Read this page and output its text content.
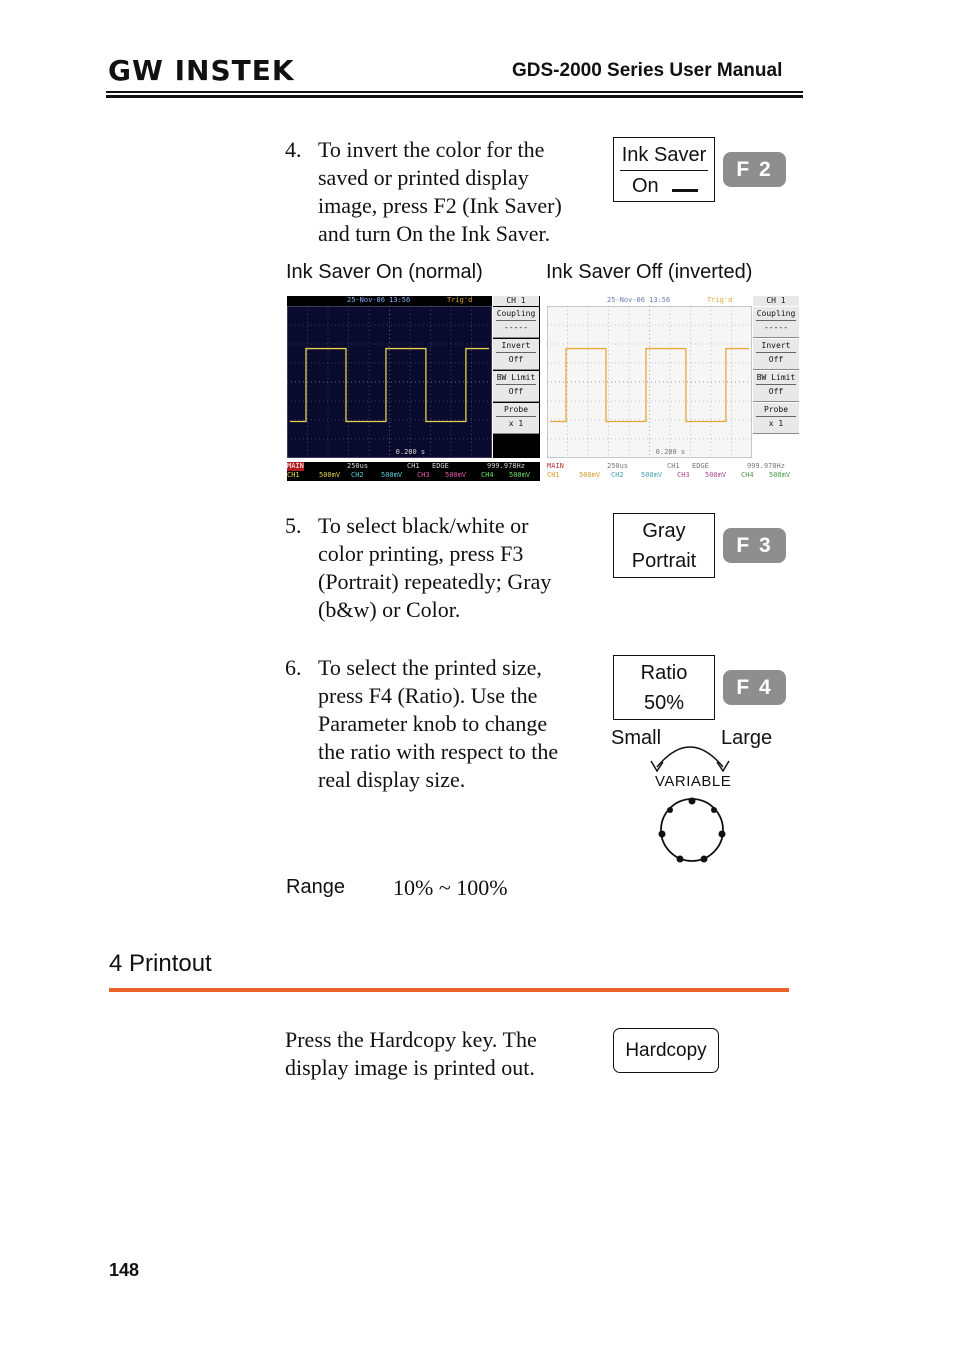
GW INSTEK	GDS-2000 Series User Manual
4. To invert the color for the
saved or printed display
image, press F2 (Ink Saver)
and turn On the Ink Saver.
Ink Saver
On
F 2
Ink Saver On (normal)	Ink Saver Off (inverted)
25-Nov-06 13:56	Trig'd
0.200 s
CH 1
Coupling
-----
Invert
Off
BW Limit
Off
Probe
x 1
MAIN	250us	CH1 EDGE	999.978Hz
CH1	500mV CH2 500mV CH3 500mV CH4 500mV
25-Nov-06 13:56	Trig'd
0.200 s
CH 1
Coupling
-----
Invert
Off
BW Limit
Off
Probe
x 1
MAIN	250us	CH1 EDGE	999.978Hz
CH1	500mV CH2 500mV CH3 500mV CH4 500mV
5. To select black/white or
color printing, press F3
(Portrait) repeatedly; Gray
(b&w) or Color.
Gray
Portrait
F 3
6. To select the printed size,
press F4 (Ratio). Use the
Parameter knob to change
the ratio with respect to the
real display size.
Ratio
50%
F 4
Small	Large
VARIABLE
Range 10% ~ 100%
4 Printout
Press the Hardcopy key. The
display image is printed out.
Hardcopy
148
